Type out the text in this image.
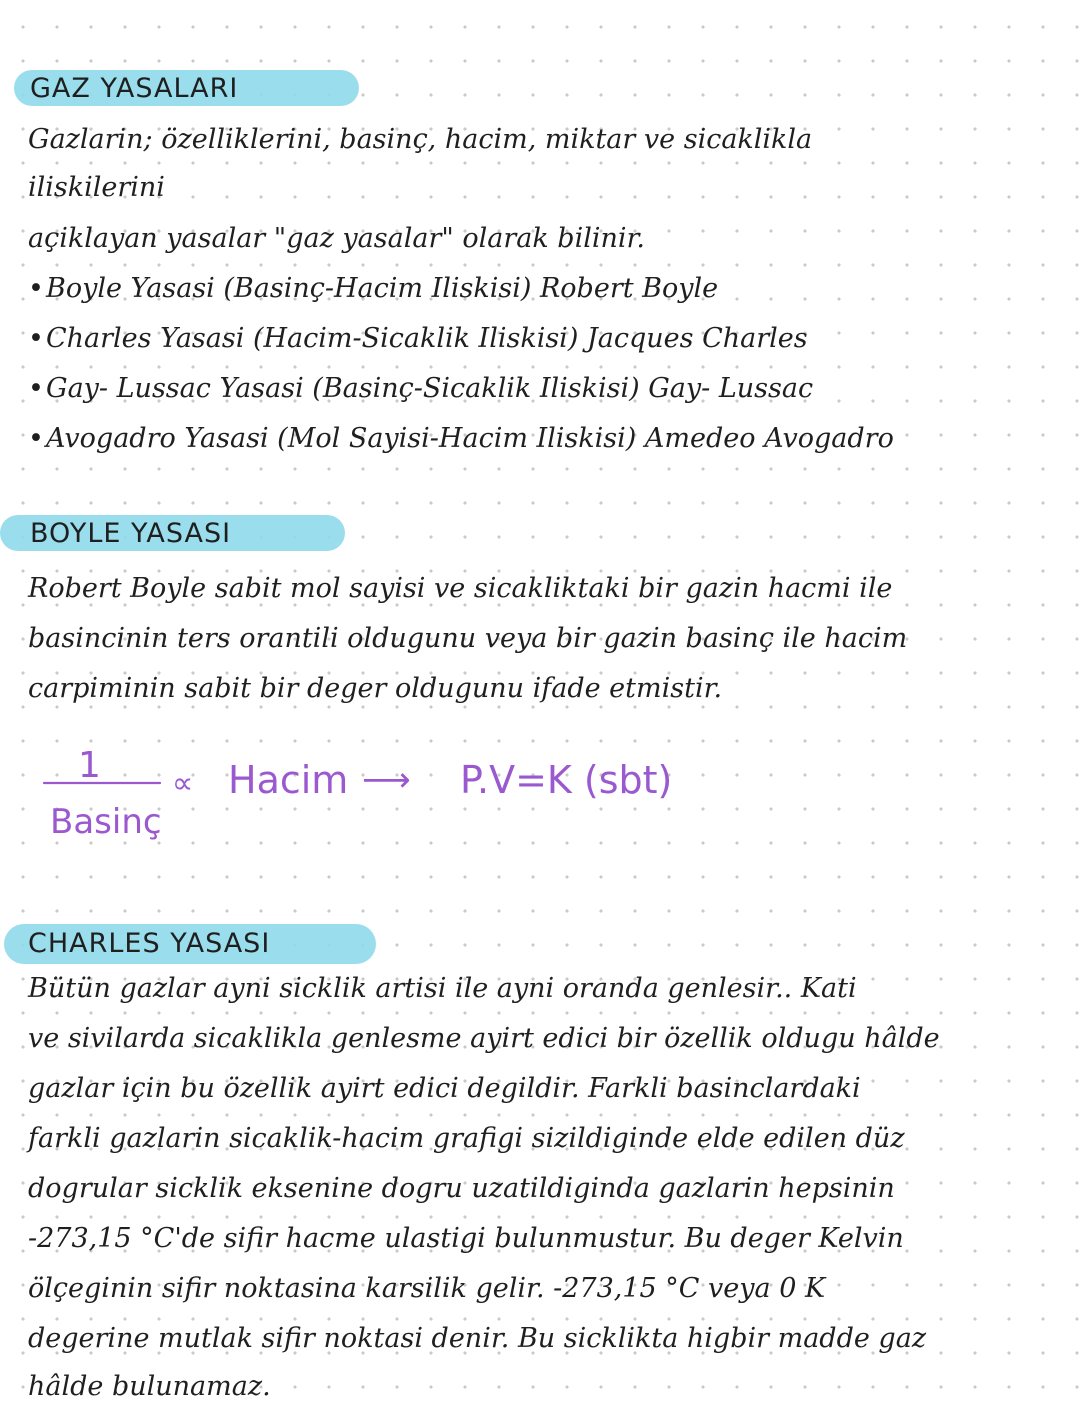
GAZ YASALARI
Gazlarin; özelliklerini, basinç, hacim, miktar ve sicaklikla
iliskilerini
açiklayan yasalar "gaz yasalar" olarak bilinir.
•Boyle Yasasi (Basinç-Hacim Iliskisi) Robert Boyle
•Charles Yasasi (Hacim-Sicaklik Iliskisi) Jacques Charles
•Gay- Lussac Yasasi (Basinç-Sicaklik Iliskisi) Gay- Lussac
•Avogadro Yasasi (Mol Sayisi-Hacim Iliskisi) Amedeo Avogadro
BOYLE YASASI
Robert Boyle sabit mol sayisi ve sicakliktaki bir gazin hacmi ile
basincinin ters orantili oldugunu veya bir gazin basinç ile hacim
carpiminin sabit bir deger oldugunu ifade etmistir.
1
Basinç
∝ Hacim ⟶ P.V=K (sbt)
CHARLES YASASI
Bütün gazlar ayni sicklik artisi ile ayni oranda genlesir.. Kati
ve sivilarda sicaklikla genlesme ayirt edici bir özellik oldugu hâlde
gazlar için bu özellik ayirt edici degildir. Farkli basinclardaki
farkli gazlarin sicaklik-hacim grafigi sizildiginde elde edilen düz
dogrular sicklik eksenine dogru uzatildiginda gazlarin hepsinin
-273,15 °C'de sifir hacme ulastigi bulunmustur. Bu deger Kelvin
ölçeginin sifir noktasina karsilik gelir. -273,15 °C veya 0 K
degerine mutlak sifir noktasi denir. Bu sicklikta higbir madde gaz
hâlde bulunamaz.
